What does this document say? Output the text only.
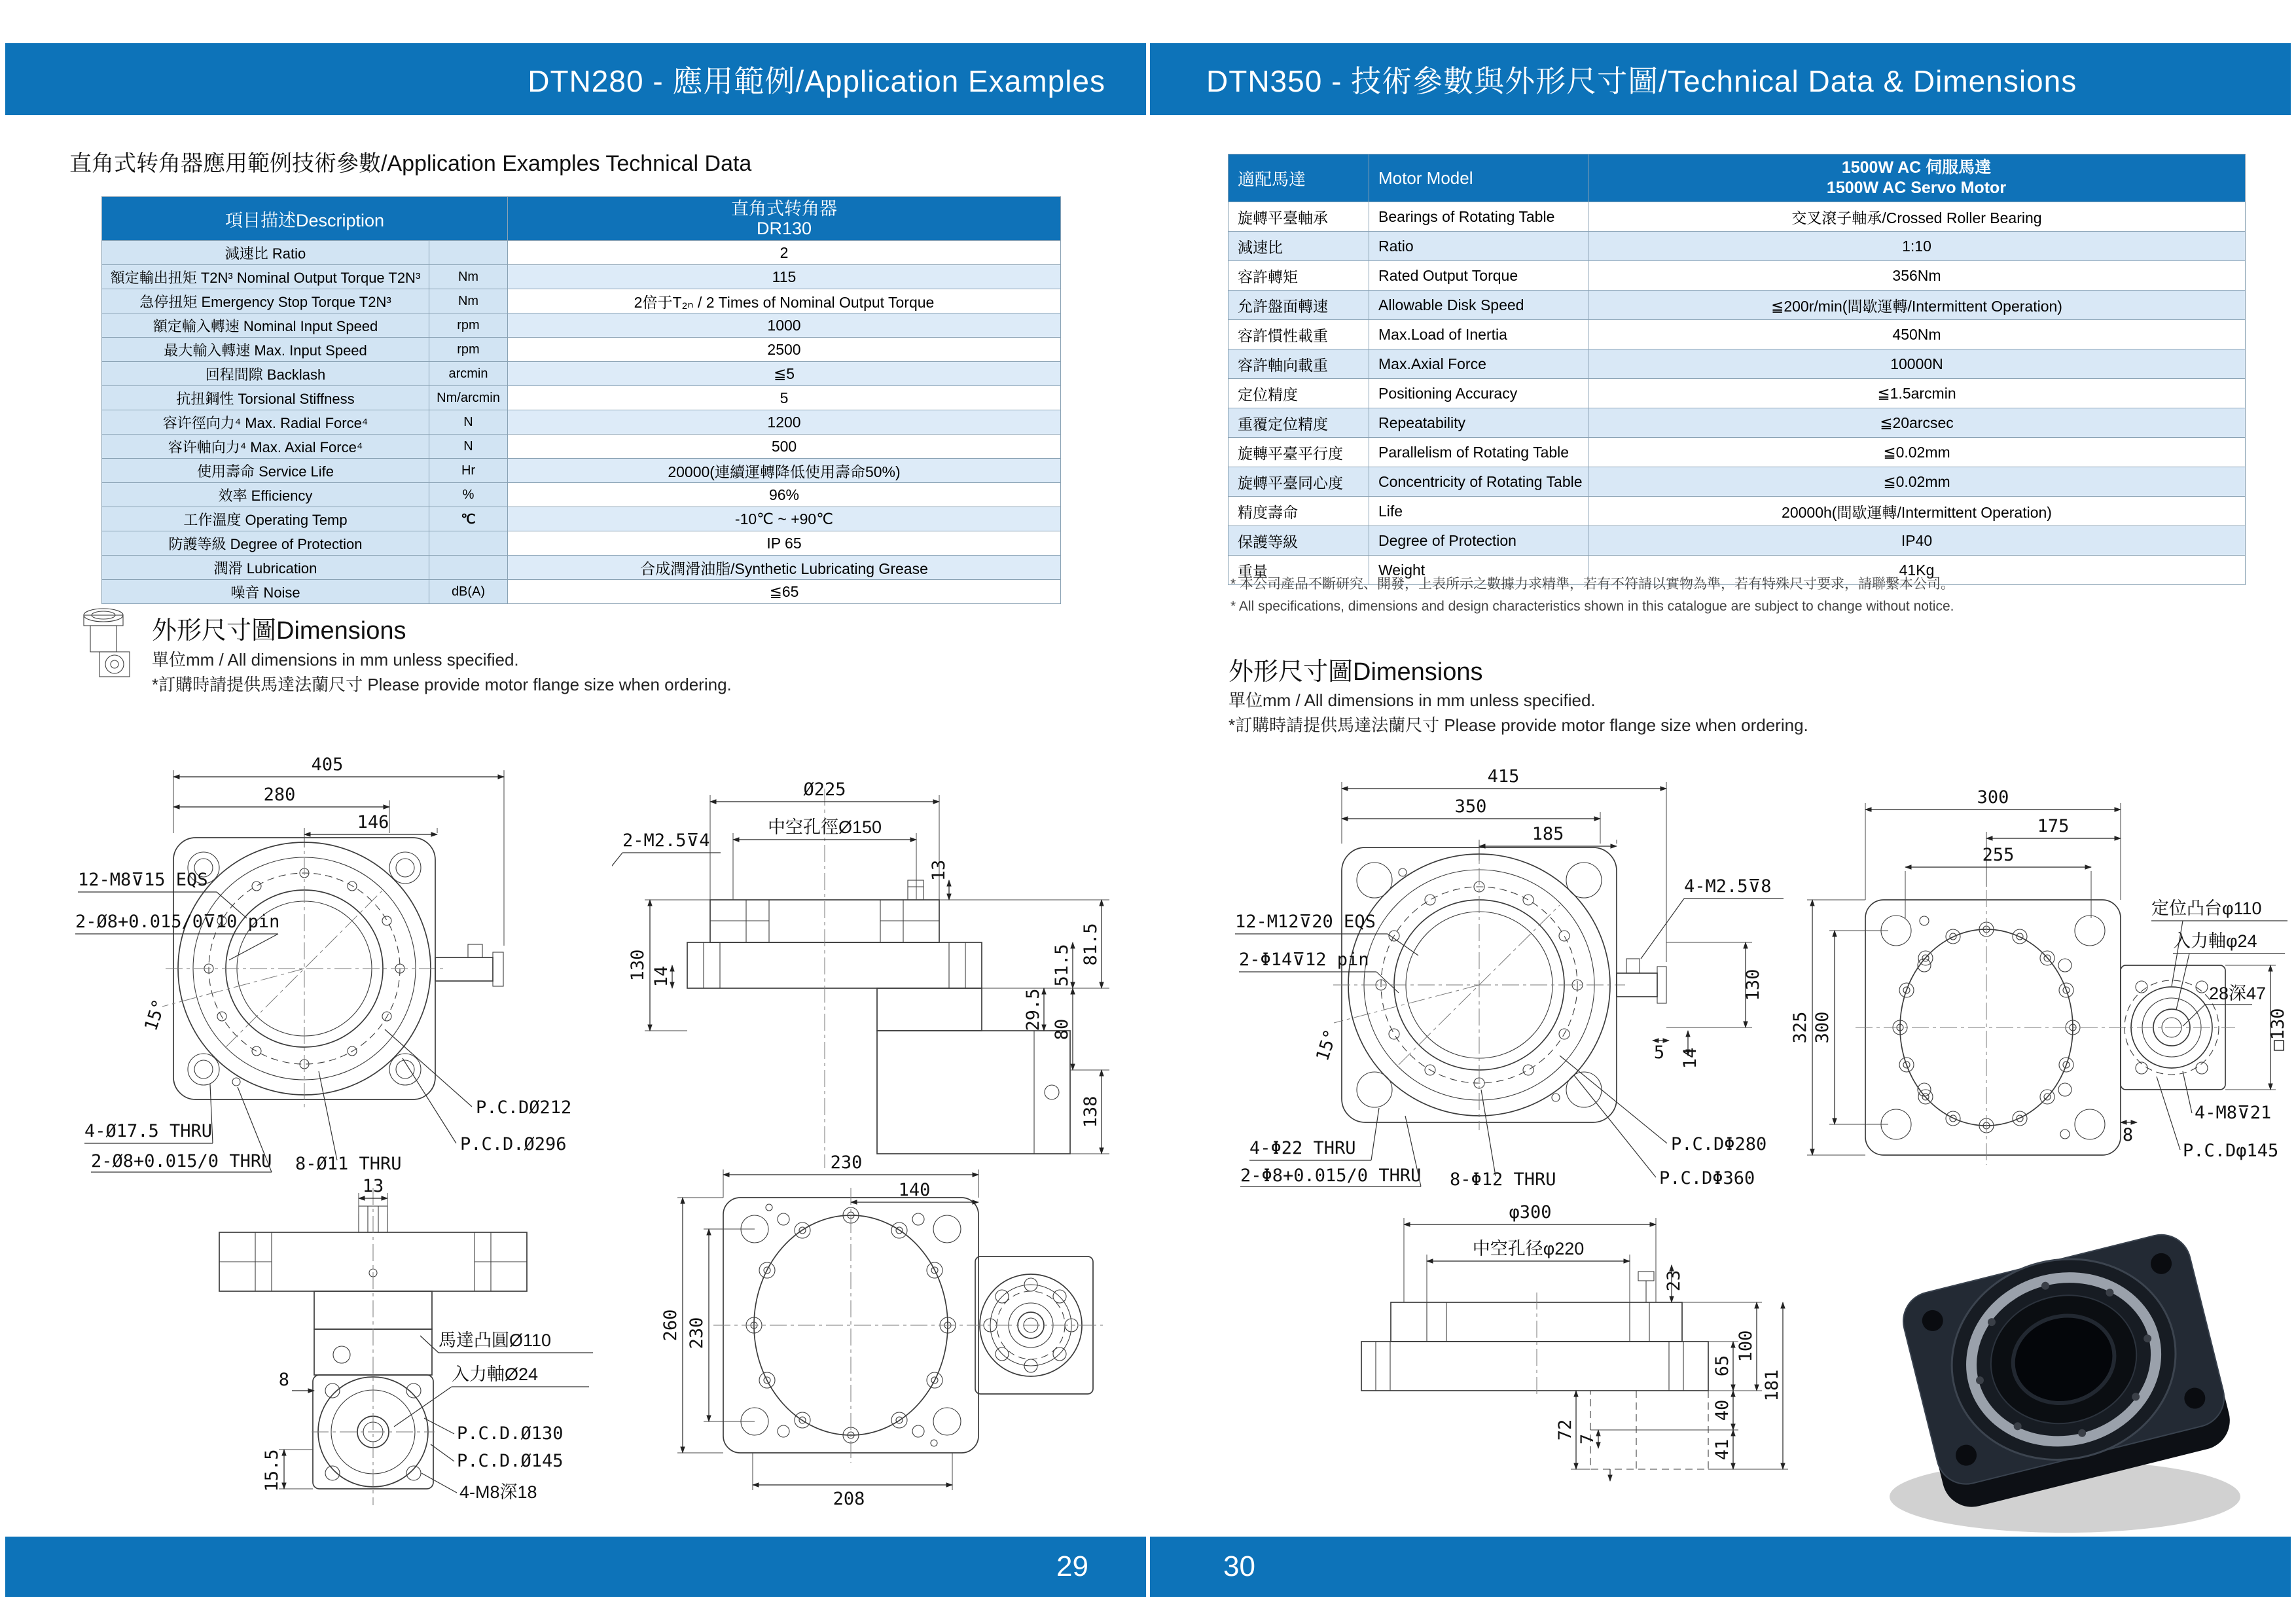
DTN280 - 應用範例/Application Examples	DTN350 - 技術參數與外形尺寸圖/Technical Data & Dimensions
直角式转角器應用範例技術參數/Application Examples Technical Data
項目描述Description		直角式转角器
DR130

減速比 Ratio		2
額定輸出扭矩 T2N³ Nominal Output Torque T2N³	Nm	115
急停扭矩 Emergency Stop Torque T2N³	Nm	2倍于T₂ₙ / 2 Times of Nominal Output Torque
額定輸入轉速 Nominal Input Speed	rpm	1000
最大輸入轉速 Max. Input Speed	rpm	2500
回程間隙 Backlash	arcmin	≦5
抗扭鋼性 Torsional Stiffness	Nm/arcmin	5
容许徑向力⁴ Max. Radial Force⁴	N	1200
容许軸向力⁴ Max. Axial Force⁴	N	500
使用壽命 Service Life	Hr	20000(連續運轉降低使用壽命50%)
效率 Efficiency	%	96%
工作溫度 Operating Temp	℃	-10℃ ~ +90℃
防護等級 Degree of Protection		IP 65
潤滑 Lubrication		合成潤滑油脂/Synthetic Lubricating Grease
噪音 Noise	dB(A)	≦65
外形尺寸圖Dimensions
單位mm / All dimensions in mm unless specified.
*訂購時請提供馬達法蘭尺寸 Please provide motor flange size when ordering.
405
280
146
12-M8⊽15 EQS
2-Ø8+0.015/0⊽10 pin
15°
4-Ø17.5 THRU
2-Ø8+0.015/0 THRU 8-Ø11 THRU
P.C.DØ212
P.C.D.Ø296
2-M2.5⊽4
Ø225
中空孔徑Ø150
13
81.5
51.5
29.5 80
138
130 14
13
8
15.5
馬達凸圓Ø110
入力軸Ø24
P.C.D.Ø130
P.C.D.Ø145
4-M8深18
230
140
260 230
208
適配馬達	Motor Model	1500W AC 伺服馬達
1500W AC Servo Motor

旋轉平臺軸承	Bearings of Rotating Table	交叉滾子軸承/Crossed Roller Bearing
減速比	Ratio	1:10
容許轉矩	Rated Output Torque	356Nm
允許盤面轉速	Allowable Disk Speed	≦200r/min(間歇運轉/Intermittent Operation)
容許慣性載重	Max.Load of Inertia	450Nm
容許軸向載重	Max.Axial Force	10000N
定位精度	Positioning Accuracy	≦1.5arcmin
重覆定位精度	Repeatability	≦20arcsec
旋轉平臺平行度	Parallelism of Rotating Table	≦0.02mm
旋轉平臺同心度	Concentricity of Rotating Table	≦0.02mm
精度壽命	Life	20000h(間歇運轉/Intermittent Operation)
保護等級	Degree of Protection	IP40
重量	Weight	41Kg
* 本公司產品不斷研究、開發，上表所示之數據力求精準，若有不符請以實物為準，若有特殊尺寸要求，請聯繫本公司。
* All specifications, dimensions and design characteristics shown in this catalogue are subject to change without notice.
外形尺寸圖Dimensions
單位mm / All dimensions in mm unless specified.
*訂購時請提供馬達法蘭尺寸 Please provide motor flange size when ordering.
415
350
185
130
5 14
12-M12⊽20 EQS
2-Φ14⊽12 pin
15°
4-Φ22 THRU
2-Φ8+0.015/0 THRU 8-Φ12 THRU
P.C.DΦ280
P.C.DΦ360
4-M2.5⊽8
300
175
255
325 300
8
□130
定位凸台φ110
入力軸φ24
28深47
4-M8⊽21
P.C.Dφ145
φ300
中空孔径φ220
23
100
65
181
40
41
72 7
29	30
